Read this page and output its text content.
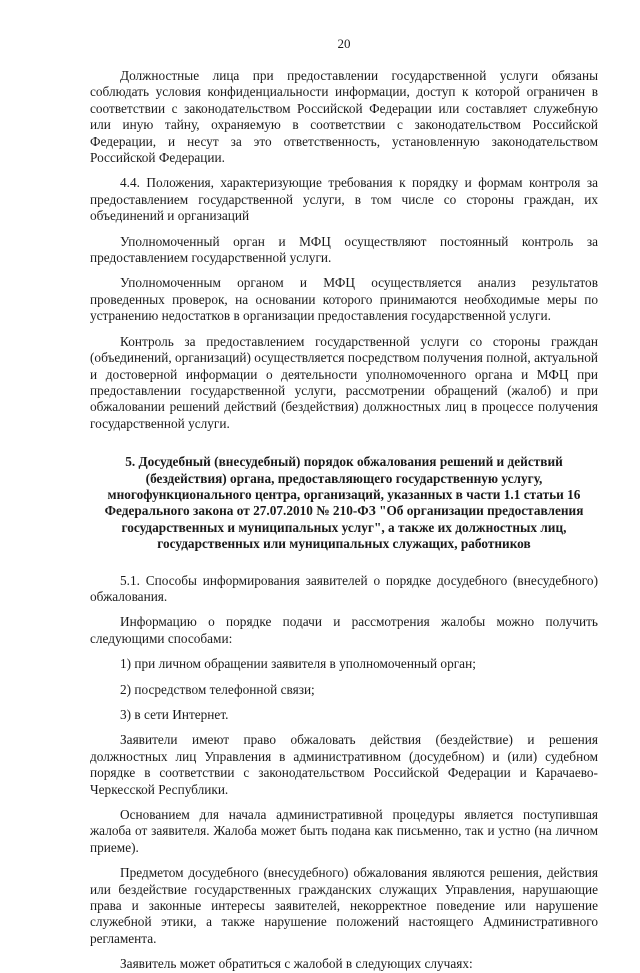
20

Должностные лица при предоставлении государственной услуги обязаны соблюдать условия конфиденциальности информации, доступ к которой ограничен в соответствии с законодательством Российской Федерации или составляет служебную или иную тайну, охраняемую в соответствии с законодательством Российской Федерации, и несут за это ответственность, установленную законодательством Российской Федерации.

4.4. Положения, характеризующие требования к порядку и формам контроля за предоставлением государственной услуги, в том числе со стороны граждан, их объединений и организаций

Уполномоченный орган и МФЦ осуществляют постоянный контроль за предоставлением государственной услуги.

Уполномоченным органом и МФЦ осуществляется анализ результатов проведенных проверок, на основании которого принимаются необходимые меры по устранению недостатков в организации предоставления государственной услуги.

Контроль за предоставлением государственной услуги со стороны граждан (объединений, организаций) осуществляется посредством получения полной, актуальной и достоверной информации о деятельности уполномоченного органа и МФЦ при предоставлении государственной услуги, рассмотрении обращений (жалоб) и при обжаловании решений действий (бездействия) должностных лиц в процессе получения государственной услуги.

5. Досудебный (внесудебный) порядок обжалования решений и действий (бездействия) органа, предоставляющего государственную услугу, многофункционального центра, организаций, указанных в части 1.1 статьи 16 Федерального закона от 27.07.2010 № 210-ФЗ "Об организации предоставления государственных и муниципальных услуг", а также их должностных лиц, государственных или муниципальных служащих, работников

5.1. Способы информирования заявителей о порядке досудебного (внесудебного) обжалования.

Информацию о порядке подачи и рассмотрения жалобы можно получить следующими способами:

1) при личном обращении заявителя в уполномоченный орган;

2) посредством телефонной связи;

3) в сети Интернет.

Заявители имеют право обжаловать действия (бездействие) и решения должностных лиц Управления в административном (досудебном) и (или) судебном порядке в соответствии с законодательством Российской Федерации и Карачаево-Черкесской Республики.

Основанием для начала административной процедуры является поступившая жалоба от заявителя. Жалоба может быть подана как письменно, так и устно (на личном приеме).

Предметом досудебного (внесудебного) обжалования являются решения, действия или бездействие государственных гражданских служащих Управления, нарушающие права и законные интересы заявителей, некорректное поведение или нарушение служебной этики, а также нарушение положений настоящего Административного регламента.

Заявитель может обратиться с жалобой в следующих случаях:
